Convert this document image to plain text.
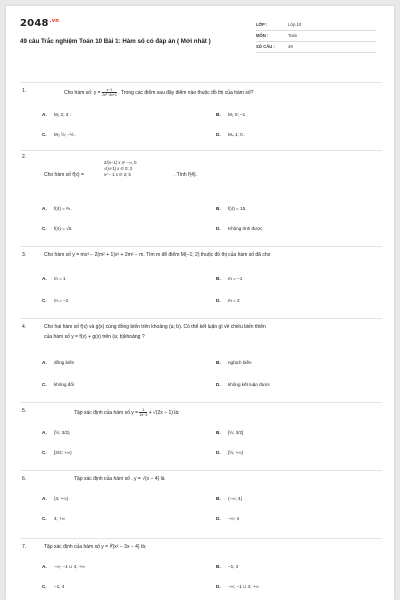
$2048^{.vn}$
49 câu Trắc nghiệm Toán 10 Bài 1: Hàm số có đáp án ( Mới nhất )
LỚP :	Lớp 10
MÔN :	Toán
SỐ CÂU :	49
1.	Cho hàm số: $y = \frac{x-1}{\text{2x²−3x+1}}$ . Trong các điểm sau đây điểm nào thuộc đồ thị của hàm số?
A. M₁ 2; 3 .	B. M₂ 0; −1 .
C. M₃ ½; −½ .	D. M₄ 1; 0 .
2.
Cho hàm số f(x) =
2/(x−1) x ∈ −∞; 0
√(x+1) x ∈ 0; 2
x² − 1 x ∈ 2; 5	. Tính f(4).
A. f(4) = ⅔ .	B. f(4) = 15.
C. f(4) = √5.	D. Không tính được
3.	Cho hàm số y = mx³ − 2(m² + 1)x² + 2m² − m. Tìm m để điểm M(−1; 2) thuộc đồ thị của hàm số đã cho
A. m = 1	B. m = −1
C. m = −2	D. m = 2
4.	Cho hai hàm số f(x) và g(x) cùng đồng biến trên khoảng (a; b). Có thể kết luận gì về chiều biến thiên
của hàm số y = f(x) + g(x) trên (a; b)khoảng ?
A. đồng biến	B. nghịch biến
C. không đổi	D. không kết luận được
5.	Tập xác định của hàm số $y = \frac{1}{2x-3} + √(2x - 1)$ là:
A. [½; 3/2)	B. [½; 3/2]
C. [3/2; +∞)	D. [½; +∞)
6.	Tập xác định của hàm số . y = √(x − 4) là
A. (4; +∞)	B. (−∞; 4)
C. 4; +∞	D. −∞; 4
7.	Tập xác định của hàm số y = ∜(x² − 3x − 4) là:
A. −∞; −1 ∪ 4; +∞	B. −1; 4
C. −1; 4	D. −∞; −1 ∪ 4; +∞
